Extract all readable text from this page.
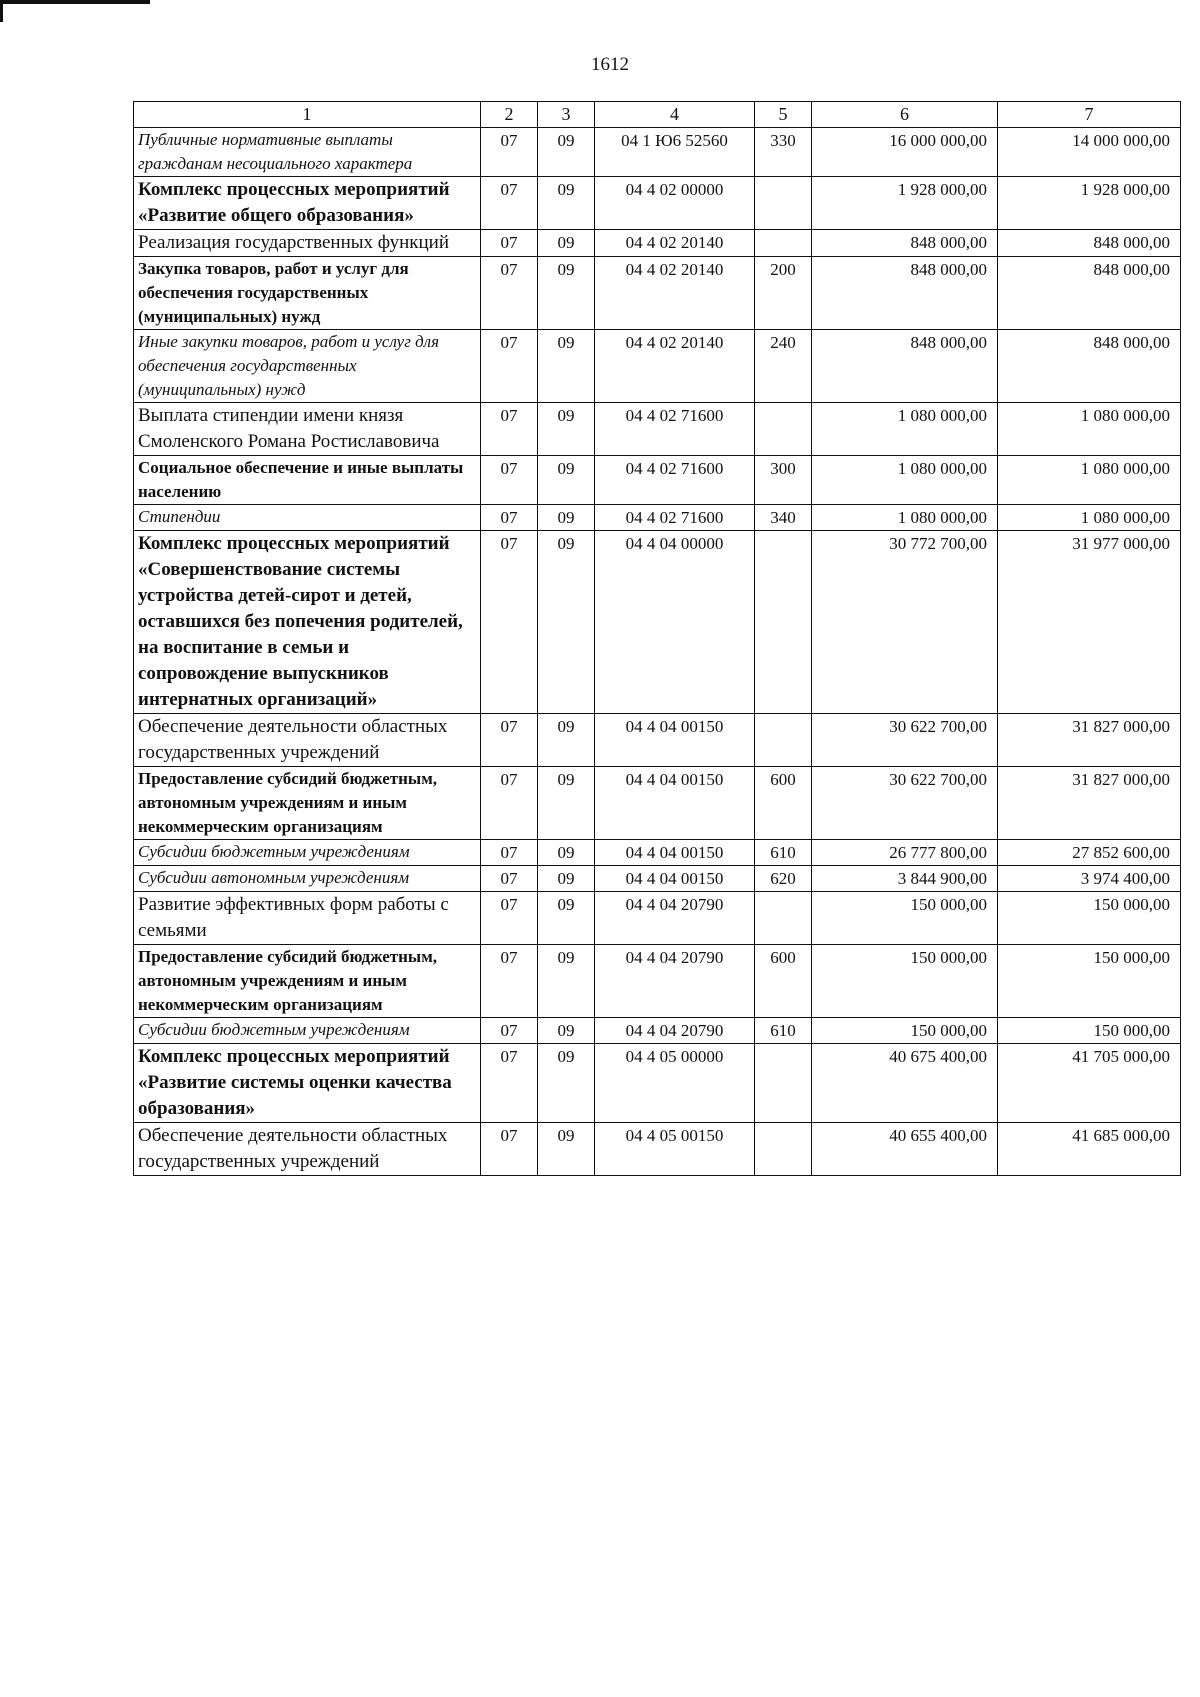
1612
1	2	3	4	5	6	7
Публичные нормативные выплаты гражданам несоциального характера	07	09	04 1 Ю6 52560	330	16 000 000,00	14 000 000,00
Комплекс процессных мероприятий «Развитие общего образования»	07	09	04 4 02 00000		1 928 000,00	1 928 000,00
Реализация государственных функций	07	09	04 4 02 20140		848 000,00	848 000,00
Закупка товаров, работ и услуг для обеспечения государственных (муниципальных) нужд	07	09	04 4 02 20140	200	848 000,00	848 000,00
Иные закупки товаров, работ и услуг для обеспечения государственных (муниципальных) нужд	07	09	04 4 02 20140	240	848 000,00	848 000,00
Выплата стипендии имени князя Смоленского Романа Ростиславовича	07	09	04 4 02 71600		1 080 000,00	1 080 000,00
Социальное обеспечение и иные выплаты населению	07	09	04 4 02 71600	300	1 080 000,00	1 080 000,00
Стипендии	07	09	04 4 02 71600	340	1 080 000,00	1 080 000,00
Комплекс процессных мероприятий «Совершенствование системы устройства детей-сирот и детей, оставшихся без попечения родителей, на воспитание в семьи и сопровождение выпускников интернатных организаций»	07	09	04 4 04 00000		30 772 700,00	31 977 000,00
Обеспечение деятельности областных государственных учреждений	07	09	04 4 04 00150		30 622 700,00	31 827 000,00
Предоставление субсидий бюджетным, автономным учреждениям и иным некоммерческим организациям	07	09	04 4 04 00150	600	30 622 700,00	31 827 000,00
Субсидии бюджетным учреждениям	07	09	04 4 04 00150	610	26 777 800,00	27 852 600,00
Субсидии автономным учреждениям	07	09	04 4 04 00150	620	3 844 900,00	3 974 400,00
Развитие эффективных форм работы с семьями	07	09	04 4 04 20790		150 000,00	150 000,00
Предоставление субсидий бюджетным, автономным учреждениям и иным некоммерческим организациям	07	09	04 4 04 20790	600	150 000,00	150 000,00
Субсидии бюджетным учреждениям	07	09	04 4 04 20790	610	150 000,00	150 000,00
Комплекс процессных мероприятий «Развитие системы оценки качества образования»	07	09	04 4 05 00000		40 675 400,00	41 705 000,00
Обеспечение деятельности областных государственных учреждений	07	09	04 4 05 00150		40 655 400,00	41 685 000,00
